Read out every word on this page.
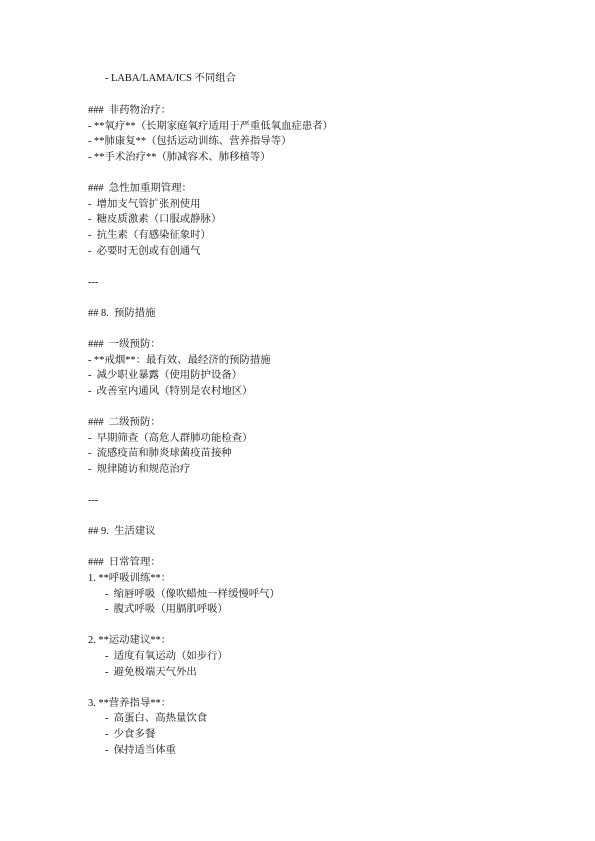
- LABA/LAMA/ICS 不同组合
###  非药物治疗：
- **氧疗**（长期家庭氧疗适用于严重低氧血症患者）
- **肺康复**（包括运动训练、营养指导等）
- **手术治疗**（肺减容术、肺移植等）
###  急性加重期管理：
-  增加支气管扩张剂使用
-  糖皮质激素（口服或静脉）
-  抗生素（有感染征象时）
-  必要时无创或有创通气
---
## 8.  预防措施
###  一级预防：
- **戒烟**：最有效、最经济的预防措施
-  减少职业暴露（使用防护设备）
-  改善室内通风（特别是农村地区）
###  二级预防：
-  早期筛查（高危人群肺功能检查）
-  流感疫苗和肺炎球菌疫苗接种
-  规律随访和规范治疗
---
## 9.  生活建议
###  日常管理：
1. **呼吸训练**：
-  缩唇呼吸（像吹蜡烛一样缓慢呼气）
-  腹式呼吸（用膈肌呼吸）
2. **运动建议**：
-  适度有氧运动（如步行）
-  避免极端天气外出
3. **营养指导**：
-  高蛋白、高热量饮食
-  少食多餐
-  保持适当体重
